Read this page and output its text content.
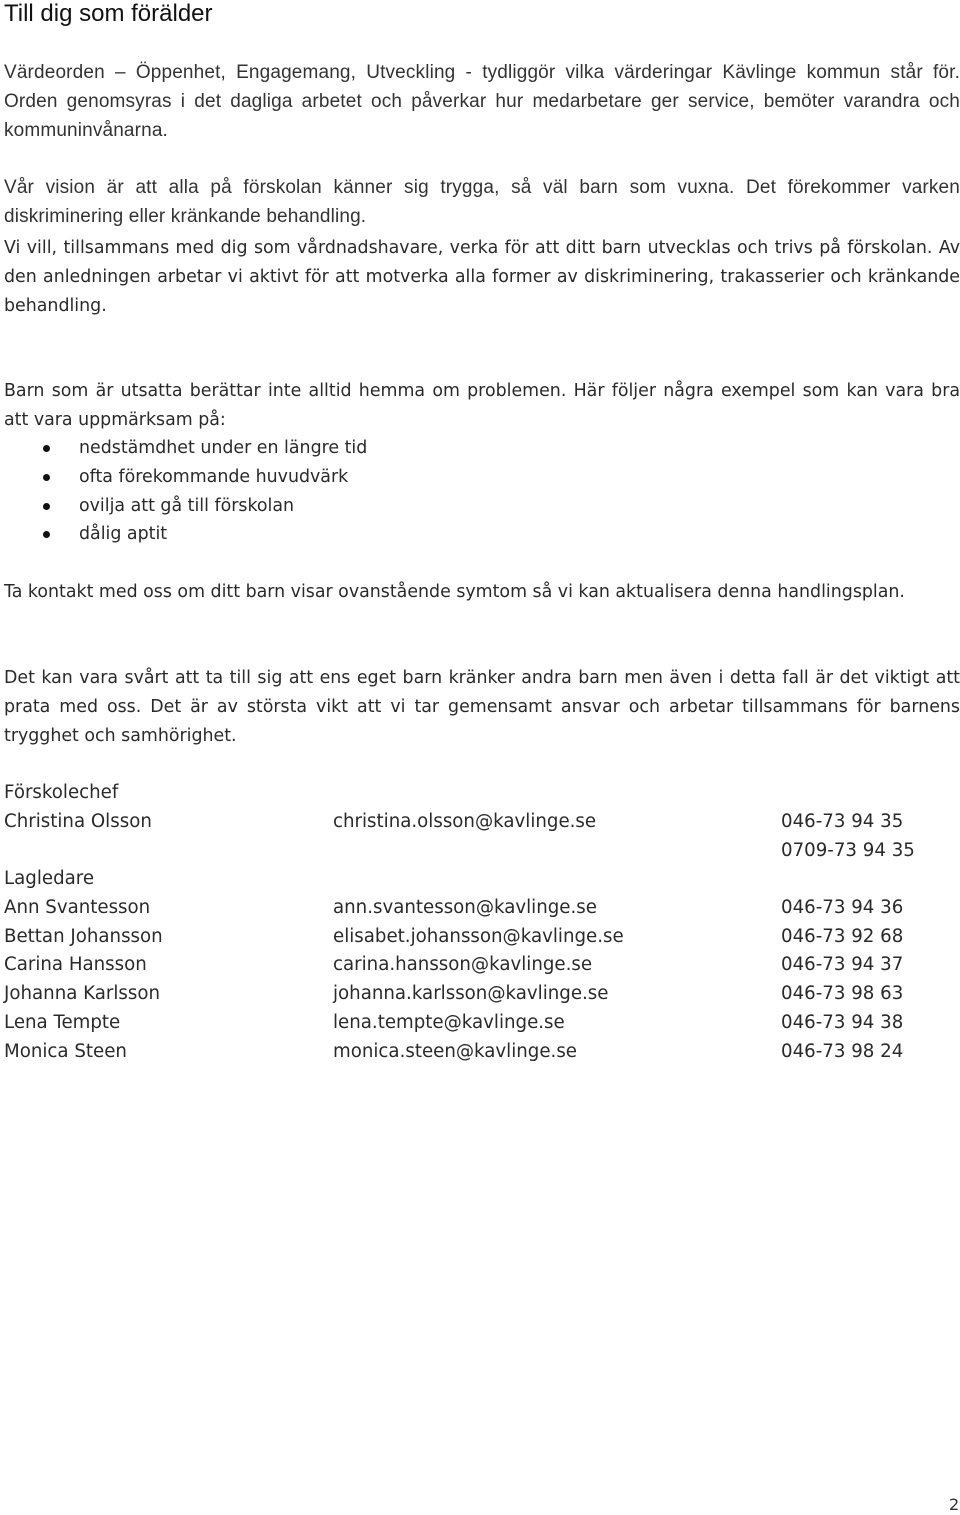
Till dig som förälder

Värdeorden – Öppenhet, Engagemang, Utveckling - tydliggör vilka värderingar Kävlinge kommun står för. Orden genomsyras i det dagliga arbetet och påverkar hur medarbetare ger service, bemöter varandra och kommuninvånarna.

Vår vision är att alla på förskolan känner sig trygga, så väl barn som vuxna. Det förekommer varken diskriminering eller kränkande behandling.

Vi vill, tillsammans med dig som vårdnadshavare, verka för att ditt barn utvecklas och trivs på förskolan. Av den anledningen arbetar vi aktivt för att motverka alla former av diskriminering, trakasserier och kränkande behandling.

Barn som är utsatta berättar inte alltid hemma om problemen. Här följer några exempel som kan vara bra att vara uppmärksam på:

nedstämdhet under en längre tid
ofta förekommande huvudvärk
ovilja att gå till förskolan
dålig aptit

Ta kontakt med oss om ditt barn visar ovanstående symtom så vi kan aktualisera denna handlingsplan.

Det kan vara svårt att ta till sig att ens eget barn kränker andra barn men även i detta fall är det viktigt att prata med oss. Det är av största vikt att vi tar gemensamt ansvar och arbetar tillsammans för barnens trygghet och samhörighet.

Förskolechef
Christina Olsson	christina.olsson@kavlinge.se	046-73 94 35
0709-73 94 35
Lagledare
Ann Svantesson	ann.svantesson@kavlinge.se	046-73 94 36
Bettan Johansson	elisabet.johansson@kavlinge.se	046-73 92 68
Carina Hansson	carina.hansson@kavlinge.se	046-73 94 37
Johanna Karlsson	johanna.karlsson@kavlinge.se	046-73 98 63
Lena Tempte	lena.tempte@kavlinge.se	046-73 94 38
Monica Steen	monica.steen@kavlinge.se	046-73 98 24
2
